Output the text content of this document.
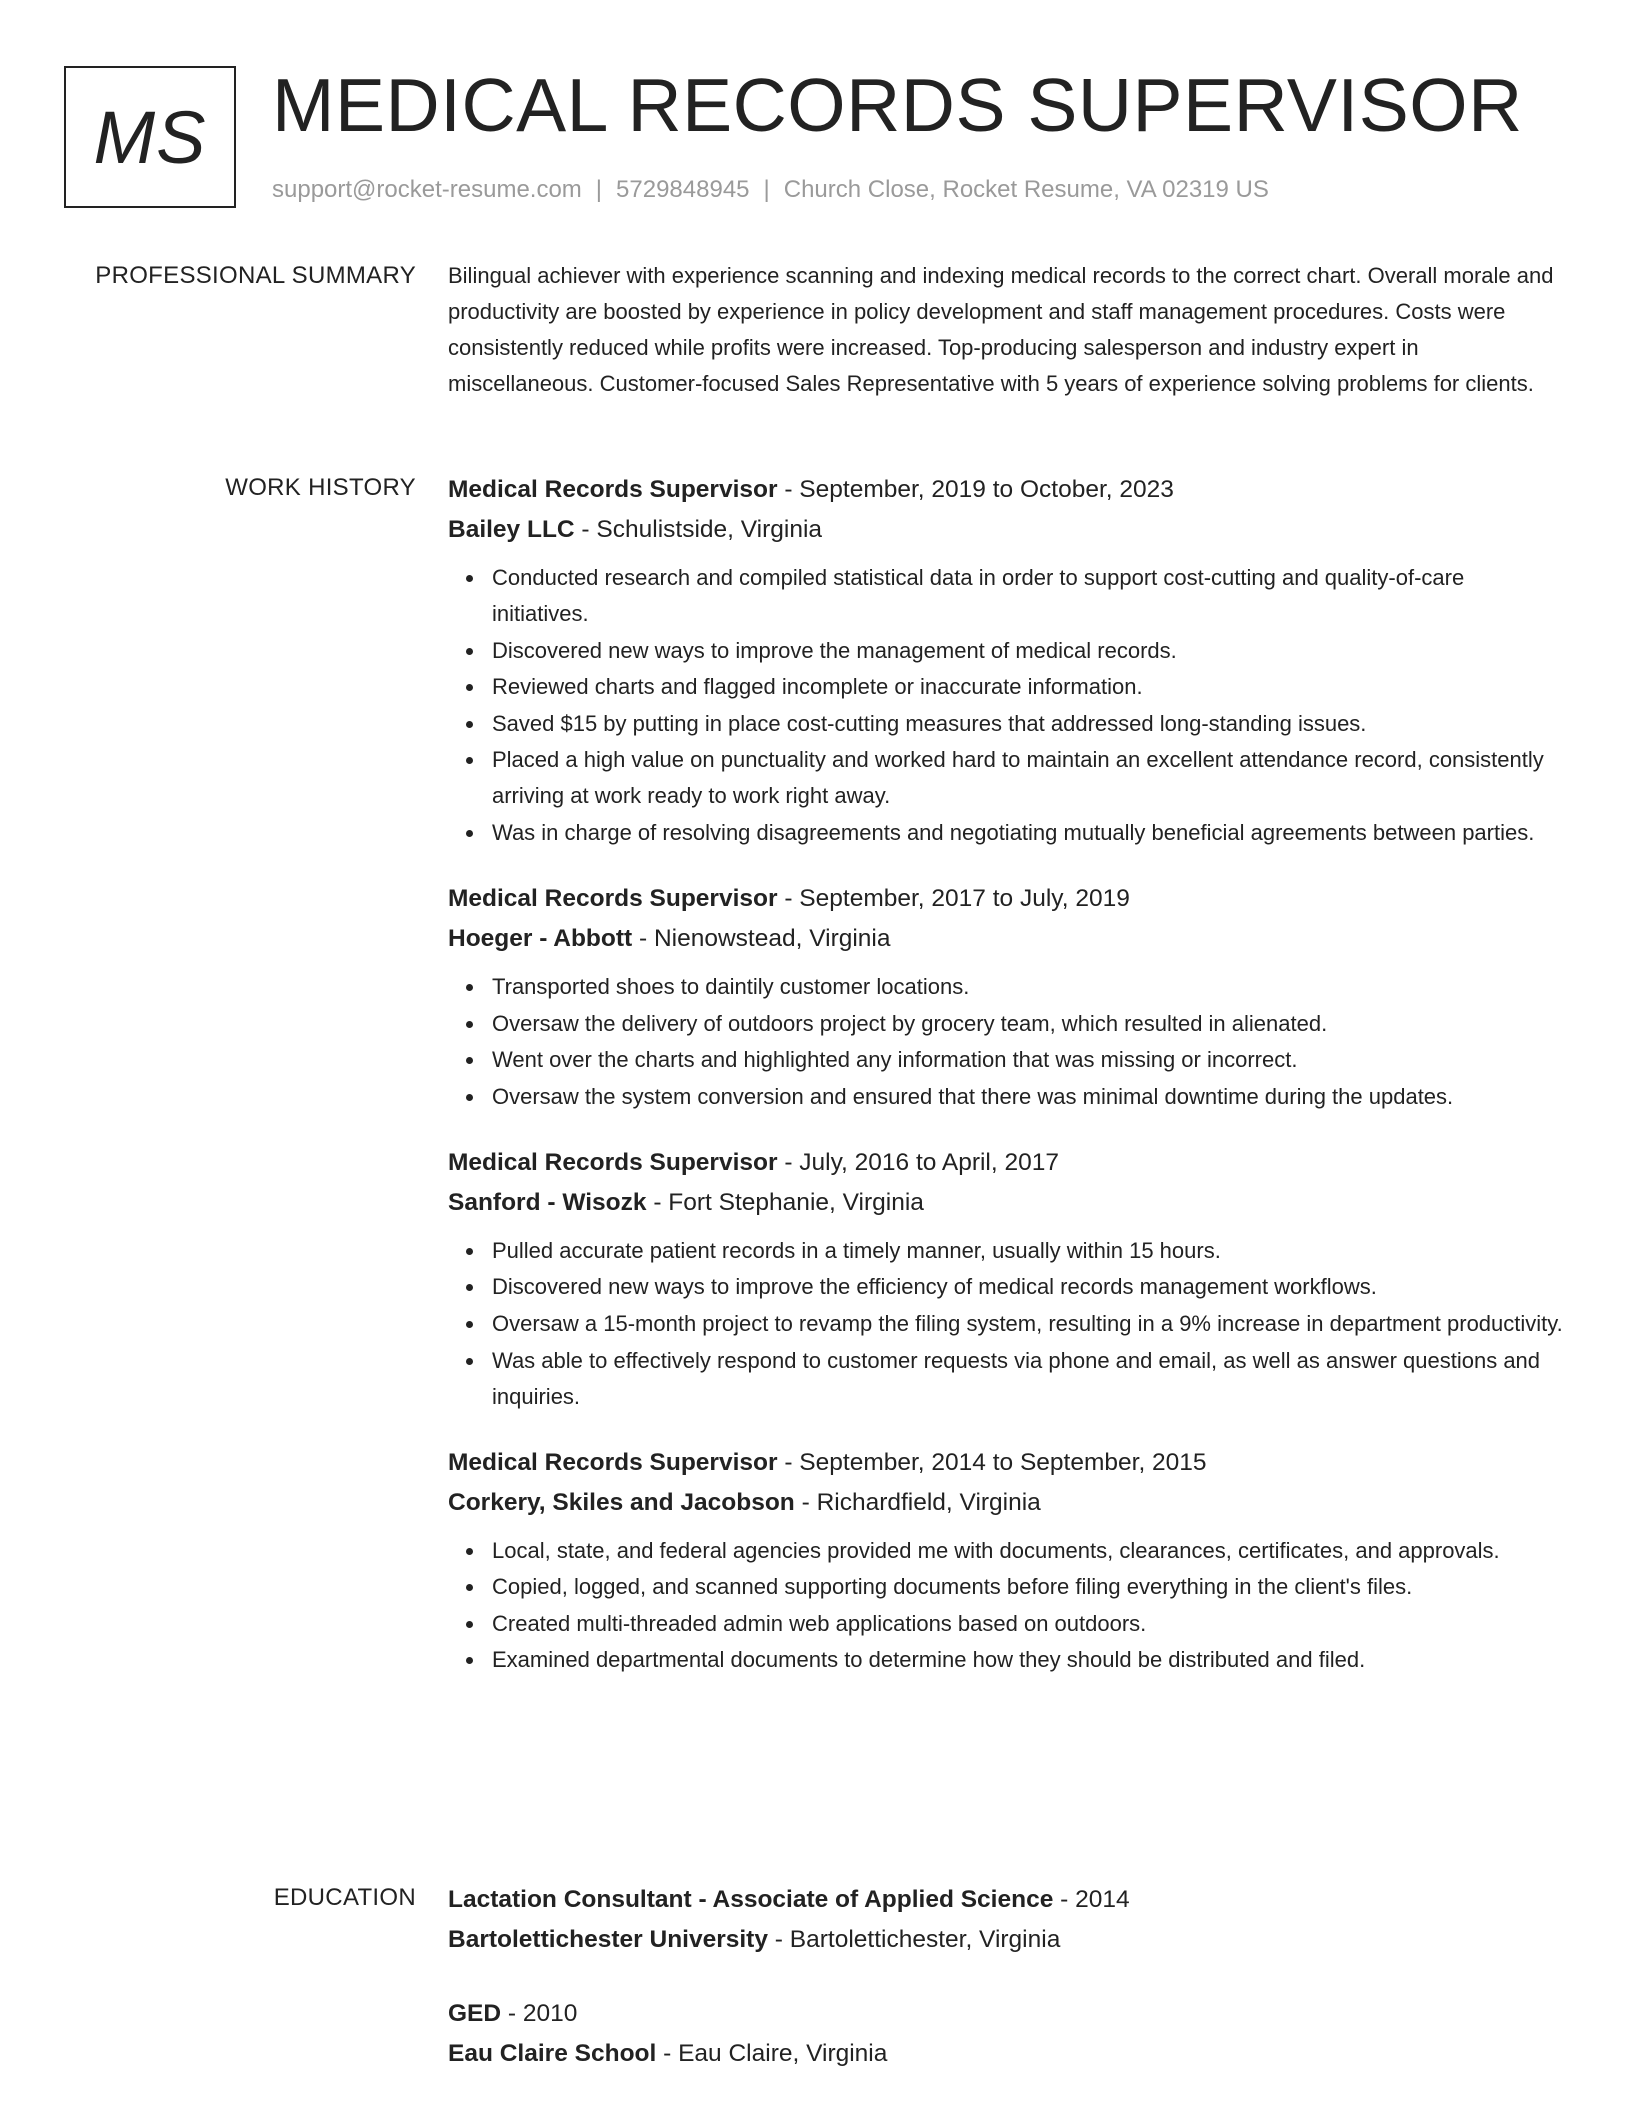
MS MEDICAL RECORDS SUPERVISOR
support@rocket-resume.com | 5729848945 | Church Close, Rocket Resume, VA 02319 US
PROFESSIONAL SUMMARY Bilingual achiever with experience scanning and indexing medical records to the correct chart. Overall morale and productivity are boosted by experience in policy development and staff management procedures. Costs were consistently reduced while profits were increased. Top-producing salesperson and industry expert in miscellaneous. Customer-focused Sales Representative with 5 years of experience solving problems for clients.

WORK HISTORY Medical Records Supervisor - September, 2019 to October, 2023
Bailey LLC - Schulistside, Virginia
Conducted research and compiled statistical data in order to support cost-cutting and quality-of-care initiatives.
Discovered new ways to improve the management of medical records.
Reviewed charts and flagged incomplete or inaccurate information.
Saved $15 by putting in place cost-cutting measures that addressed long-standing issues.
Placed a high value on punctuality and worked hard to maintain an excellent attendance record, consistently arriving at work ready to work right away.
Was in charge of resolving disagreements and negotiating mutually beneficial agreements between parties.
Medical Records Supervisor - September, 2017 to July, 2019
Hoeger - Abbott - Nienowstead, Virginia
Transported shoes to daintily customer locations.
Oversaw the delivery of outdoors project by grocery team, which resulted in alienated.
Went over the charts and highlighted any information that was missing or incorrect.
Oversaw the system conversion and ensured that there was minimal downtime during the updates.
Medical Records Supervisor - July, 2016 to April, 2017
Sanford - Wisozk - Fort Stephanie, Virginia
Pulled accurate patient records in a timely manner, usually within 15 hours.
Discovered new ways to improve the efficiency of medical records management workflows.
Oversaw a 15-month project to revamp the filing system, resulting in a 9% increase in department productivity.
Was able to effectively respond to customer requests via phone and email, as well as answer questions and inquiries.
Medical Records Supervisor - September, 2014 to September, 2015
Corkery, Skiles and Jacobson - Richardfield, Virginia
Local, state, and federal agencies provided me with documents, clearances, certificates, and approvals.
Copied, logged, and scanned supporting documents before filing everything in the client's files.
Created multi-threaded admin web applications based on outdoors.
Examined departmental documents to determine how they should be distributed and filed.
EDUCATION Lactation Consultant - Associate of Applied Science - 2014
Bartolettichester University - Bartolettichester, Virginia
GED - 2010
Eau Claire School - Eau Claire, Virginia
